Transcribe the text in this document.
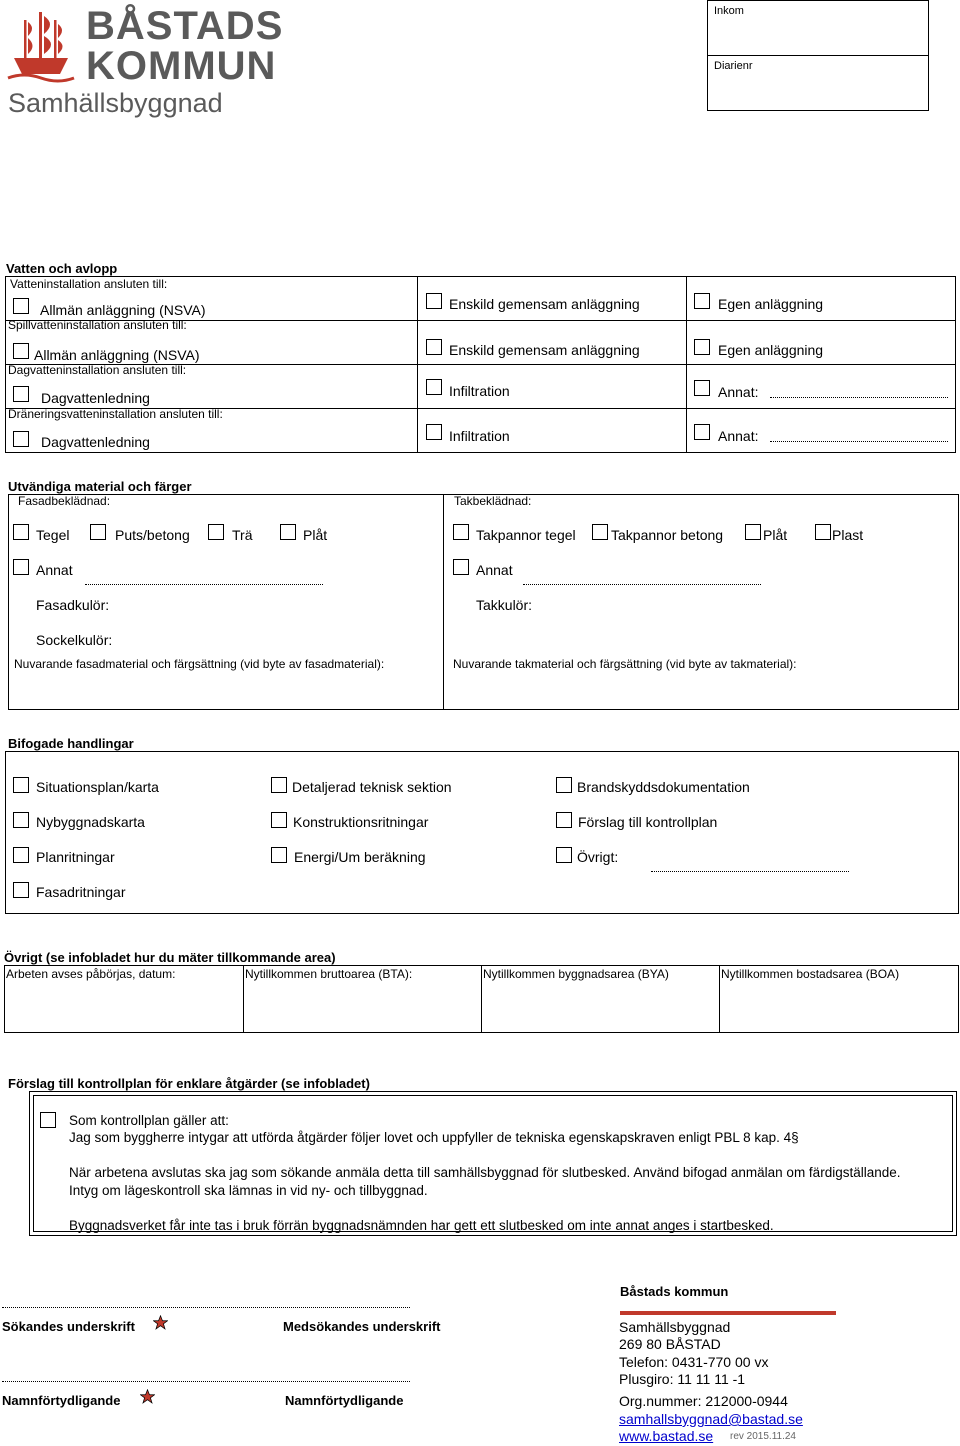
BÅSTADS
KOMMUN
Samhällsbyggnad
Inkom
Diarienr
Vatten och avlopp
Vatteninstallation ansluten till:
Allmän anläggning (NSVA)	Enskild gemensam anläggning	Egen anläggning
Spillvatteninstallation ansluten till:
Allmän anläggning (NSVA)	Enskild gemensam anläggning	Egen anläggning
Dagvatteninstallation ansluten till:
Dagvattenledning	Infiltration	Annat:
Dräneringsvatteninstallation ansluten till:
Dagvattenledning	Infiltration	Annat:
Utvändiga material och färger
Fasadbeklädnad:
Tegel	Puts/betong	Trä	Plåt
Annat
Fasadkulör:
Sockelkulör:
Nuvarande fasadmaterial och färgsättning (vid byte av fasadmaterial):
Takbeklädnad:
Takpannor tegel	Takpannor betong	Plåt	Plast
Annat
Takkulör:
Nuvarande takmaterial och färgsättning (vid byte av takmaterial):
Bifogade handlingar
Situationsplan/karta
Nybyggnadskarta
Planritningar
Fasadritningar
Detaljerad teknisk sektion
Konstruktionsritningar
Energi/Um beräkning
Brandskyddsdokumentation
Förslag till kontrollplan
Övrigt:
Övrigt (se infobladet hur du mäter tillkommande area)
Arbeten avses påbörjas, datum:	Nytillkommen bruttoarea (BTA):	Nytillkommen byggnadsarea (BYA)	Nytillkommen bostadsarea (BOA)
Förslag till kontrollplan för enklare åtgärder (se infobladet)
Som kontrollplan gäller att:
Jag som byggherre intygar att utförda åtgärder följer lovet och uppfyller de tekniska egenskapskraven enligt PBL 8 kap. 4§
När arbetena avslutas ska jag som sökande anmäla detta till samhällsbyggnad för slutbesked. Använd bifogad anmälan om färdigställande.
Intyg om lägeskontroll ska lämnas in vid ny- och tillbyggnad.
Byggnadsverket får inte tas i bruk förrän byggnadsnämnden har gett ett slutbesked om inte annat anges i startbesked.
Sökandes underskrift	Medsökandes underskrift
Namnförtydligande	Namnförtydligande
Båstads kommun
Samhällsbyggnad
269 80 BÅSTAD
Telefon: 0431-770 00 vx
Plusgiro: 11 11 11 -1
Org.nummer: 212000-0944
samhallsbyggnad@bastad.se
www.bastad.se rev 2015.11.24
